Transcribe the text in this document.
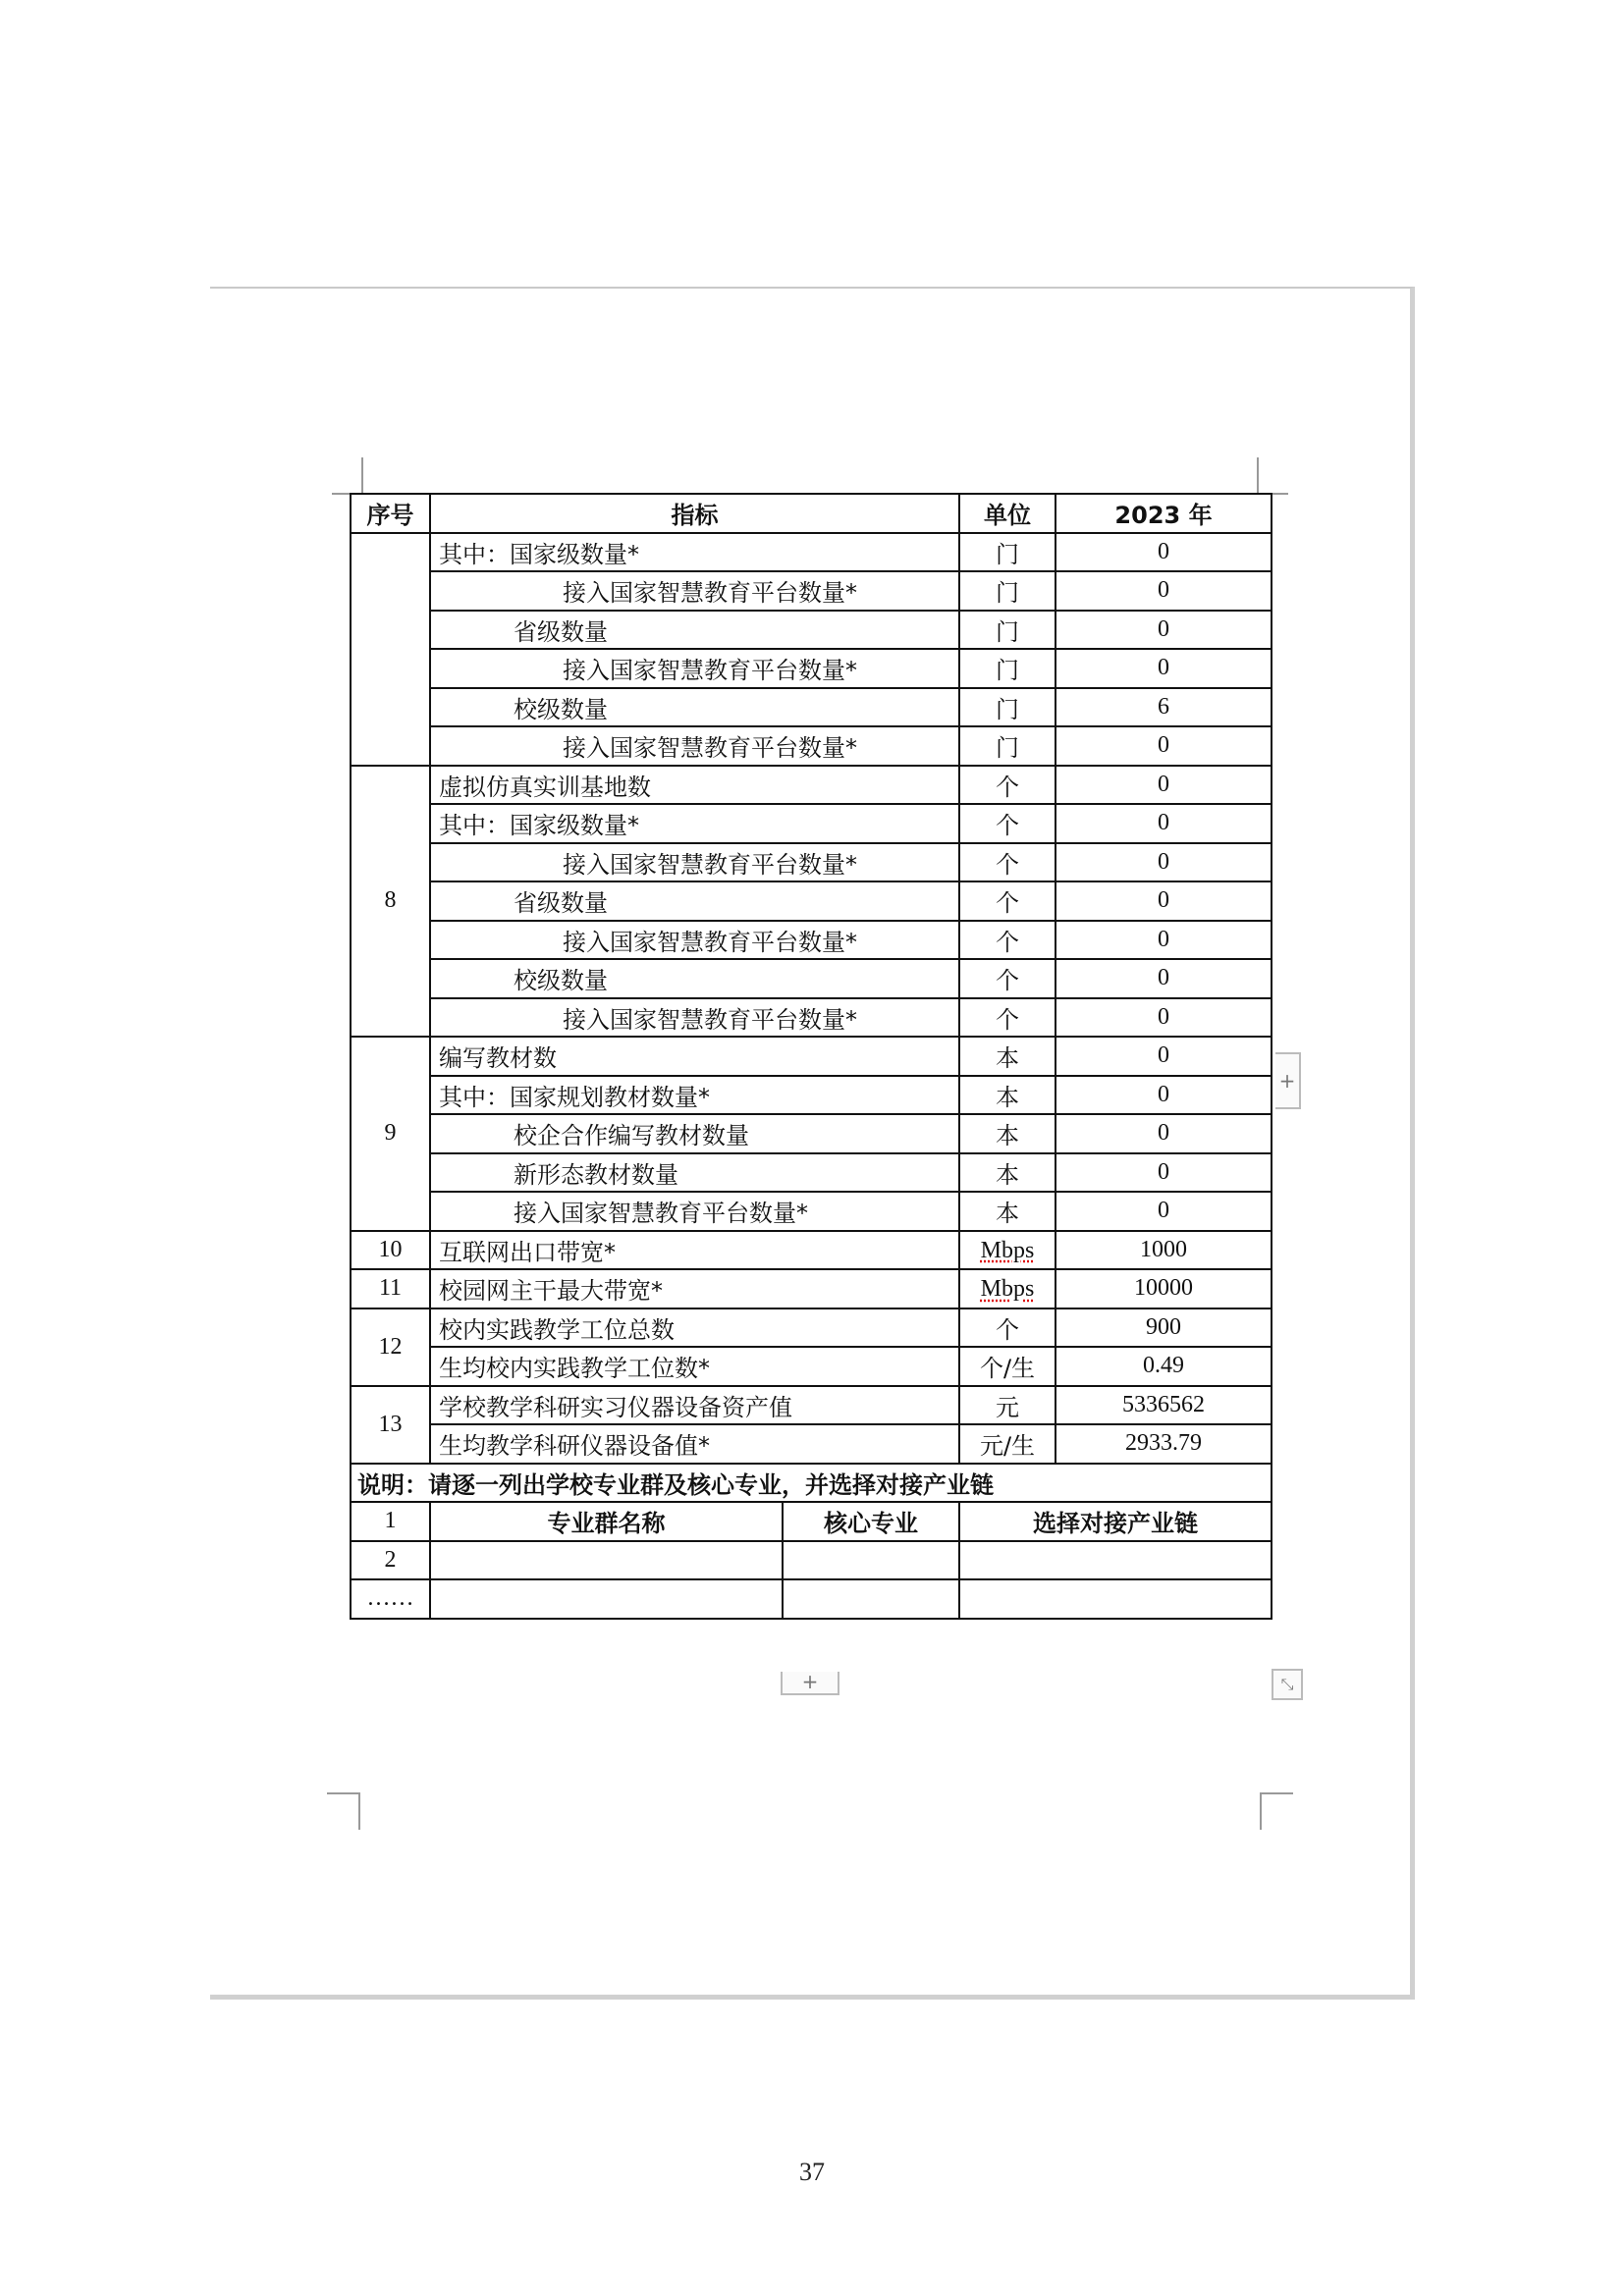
序号	指标		单位	2023 年
	其中：国家级数量*		门	0
	接入国家智慧教育平台数量*		门	0
	省级数量		门	0
	接入国家智慧教育平台数量*		门	0
	校级数量		门	6
	接入国家智慧教育平台数量*		门	0
8	虚拟仿真实训基地数		个	0
	其中：国家级数量*		个	0
	接入国家智慧教育平台数量*		个	0
	省级数量		个	0
	接入国家智慧教育平台数量*		个	0
	校级数量		个	0
	接入国家智慧教育平台数量*		个	0
9	编写教材数		本	0
	其中：国家规划教材数量*		本	0
	校企合作编写教材数量		本	0
	新形态教材数量		本	0
	接入国家智慧教育平台数量*		本	0
10	互联网出口带宽*		Mbps	1000
11	校园网主干最大带宽*		Mbps	10000
12	校内实践教学工位总数		个	900
	生均校内实践教学工位数*		个/生	0.49
13	学校教学科研实习仪器设备资产值		元	5336562
	生均教学科研仪器设备值*		元/生	2933.79
说明：请逐一列出学校专业群及核心专业，并选择对接产业链				
1	专业群名称	核心专业	选择对接产业链	
2				
……				
+
+	⤡
37
